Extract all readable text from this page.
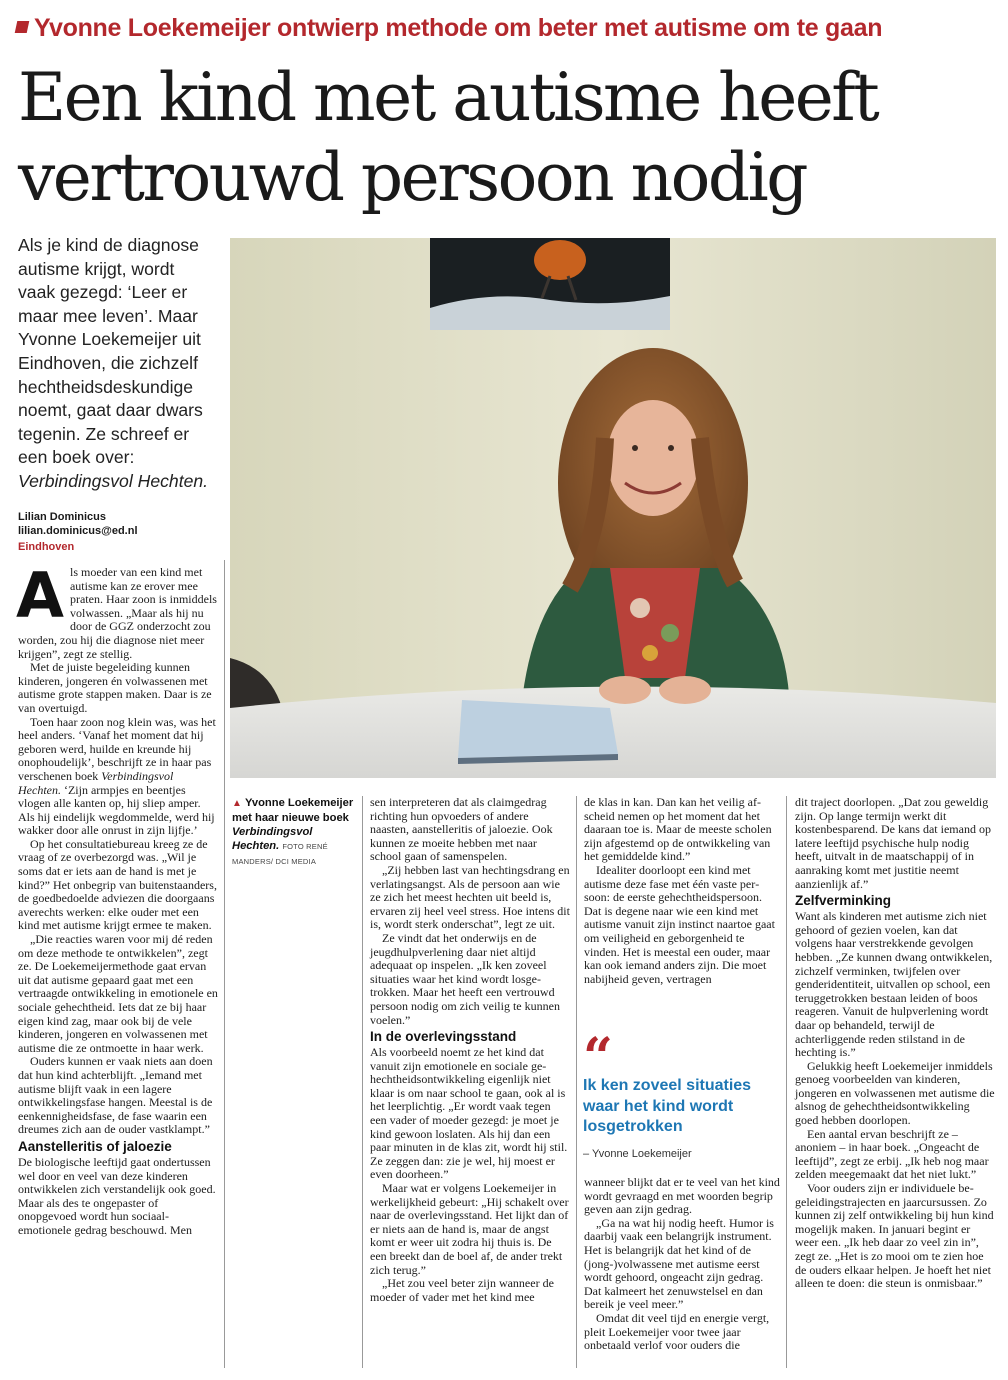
Yvonne Loekemeijer ontwierp methode om beter met autisme om te gaan
Een kind met autisme heeft
vertrouwd persoon nodig
Als je kind de diagnose autisme krijgt, wordt vaak gezegd: ‘Leer er maar mee leven’. Maar Yvonne Loekemeijer uit Eindhoven, die zichzelf hechtheidsdeskundige noemt, gaat daar dwars tegenin. Ze schreef er een boek over: Verbindingsvol Hechten.
Lilian Dominicus
lilian.dominicus@ed.nl
Eindhoven
▲ Yvonne Loekemeijer met haar nieuwe boek Verbindingsvol Hechten. FOTO RENÉ MANDERS/ DCI MEDIA

Als moeder van een kind met autisme kan ze erover mee praten. Haar zoon is inmiddels volwassen. „Maar als hij nu door de GGZ onderzocht zou worden, zou hij die diagnose niet meer krijgen”, zegt ze stellig.

Met de juiste begeleiding kunnen kinderen, jongeren én volwassenen met autisme grote stappen maken. Daar is ze van overtuigd.

Toen haar zoon nog klein was, was het heel anders. ‘Vanaf het moment dat hij geboren werd, huilde en kreunde hij onophoudelijk’, beschrijft ze in haar pas verschenen boek Verbindingsvol Hechten. ‘Zijn armpjes en beentjes vlogen alle kanten op, hij sliep amper. Als hij eindelijk wegdommelde, werd hij wakker door alle onrust in zijn lijfje.’

Op het consultatiebureau kreeg ze de vraag of ze overbezorgd was. „Wil je soms dat er iets aan de hand is met je kind?” Het onbegrip van buitenstaanders, de goedbedoelde adviezen die doorgaans averechts werken: elke ouder met een kind met autisme krijgt ermee te maken.

„Die reacties waren voor mij dé reden om deze methode te ontwikkelen”, zegt ze. De Loekemeijermethode gaat ervan uit dat autisme gepaard gaat met een vertraagde ontwikkeling in emotionele en sociale gehechtheid. Iets dat ze bij haar eigen kind zag, maar ook bij de vele kinderen, jongeren en volwassenen met autisme die ze ontmoette in haar werk.

Ouders kunnen er vaak niets aan doen dat hun kind achterblijft. „Iemand met autisme blijft vaak in een lagere ontwikkelingsfase hangen. Meestal is de eenkennigheidsfase, de fase waarin een dreumes zich aan de ouder vastklampt.”

Aanstelleritis of jaloezie

De biologische leeftijd gaat ondertussen wel door en veel van deze kinderen ontwikkelen zich verstandelijk ook goed. Maar als des te ongepaster of onopgevoed wordt hun sociaalemotionele gedrag beschouwd. Men

sen interpreteren dat als claimgedrag richting hun opvoeders of andere naasten, aanstelleritis of jaloezie. Ook kunnen ze moeite hebben met naar school gaan of samenspelen.

„Zij hebben last van hechtingsdrang en verlatingsangst. Als de persoon aan wie ze zich het meest hechten uit beeld is, ervaren zij heel veel stress. Hoe intens dit is, wordt sterk onderschat”, legt ze uit.

Ze vindt dat het onderwijs en de jeugdhulpverlening daar niet altijd adequaat op inspelen. „Ik ken zoveel situaties waar het kind wordt losgetrokken. Maar het heeft een vertrouwd persoon nodig om zich veilig te kunnen voelen.”

In de overlevingsstand

Als voorbeeld noemt ze het kind dat vanuit zijn emotionele en sociale gehechtheidsontwikkeling eigenlijk niet klaar is om naar school te gaan, ook al is het leerplichtig. „Er wordt vaak tegen een vader of moeder gezegd: je moet je kind gewoon loslaten. Als hij dan een paar minuten in de klas zit, wordt hij stil. Ze zeggen dan: zie je wel, hij moest er even doorheen.”

Maar wat er volgens Loekemeijer in werkelijkheid gebeurt: „Hij schakelt over naar de overlevingsstand. Het lijkt dan of er niets aan de hand is, maar de angst komt er weer uit zodra hij thuis is. De een breekt dan de boel af, de ander trekt zich terug.”

„Het zou veel beter zijn wanneer de moeder of vader met het kind mee

de klas in kan. Dan kan het veilig afscheid nemen op het moment dat het daaraan toe is. Maar de meeste scholen zijn afgestemd op de ontwikkeling van het gemiddelde kind.”

Idealiter doorloopt een kind met autisme deze fase met één vaste persoon: de eerste gehechtheidspersoon. Dat is degene naar wie een kind met autisme vanuit zijn instinct naartoe gaat om veiligheid en geborgenheid te vinden. Het is meestal een ouder, maar kan ook iemand anders zijn. Die moet nabijheid geven, vertragen

“
Ik ken zoveel situaties waar het kind wordt losgetrokken
– Yvonne Loekemeijer

wanneer blijkt dat er te veel van het kind wordt gevraagd en met woorden begrip geven aan zijn gedrag.

„Ga na wat hij nodig heeft. Humor is daarbij vaak een belangrijk instrument. Het is belangrijk dat het kind of de (jong-)volwassene met autisme eerst wordt gehoord, ongeacht zijn gedrag. Dat kalmeert het zenuwstelsel en dan bereik je veel meer.”

Omdat dit veel tijd en energie vergt, pleit Loekemeijer voor twee jaar onbetaald verlof voor ouders die

dit traject doorlopen. „Dat zou geweldig zijn. Op lange termijn werkt dit kostenbesparend. De kans dat iemand op latere leeftijd psychische hulp nodig heeft, uitvalt in de maatschappij of in aanraking komt met justitie neemt aanzienlijk af.”

Zelfverminking

Want als kinderen met autisme zich niet gehoord of gezien voelen, kan dat volgens haar verstrekkende gevolgen hebben. „Ze kunnen dwang ontwikkelen, zichzelf verminken, twijfelen over genderidentiteit, uitvallen op school, een teruggetrokken bestaan leiden of boos reageren. Vanuit de hulpverlening wordt daar op behandeld, terwijl de achterliggende reden stilstand in de hechting is.”

Gelukkig heeft Loekemeijer inmiddels genoeg voorbeelden van kinderen, jongeren en volwassenen met autisme die alsnog de gehechtheidsontwikkeling goed hebben doorlopen.

Een aantal ervan beschrijft ze – anoniem – in haar boek. „Ongeacht de leeftijd”, zegt ze erbij. „Ik heb nog maar zelden meegemaakt dat het niet lukt.”

Voor ouders zijn er individuele begeleidingstrajecten en jaarcursussen. Zo kunnen zij zelf ontwikkeling bij hun kind mogelijk maken. In januari begint er weer een. „Ik heb daar zo veel zin in”, zegt ze. „Het is zo mooi om te zien hoe de ouders elkaar helpen. Je hoeft het niet alleen te doen: die steun is onmisbaar.”
